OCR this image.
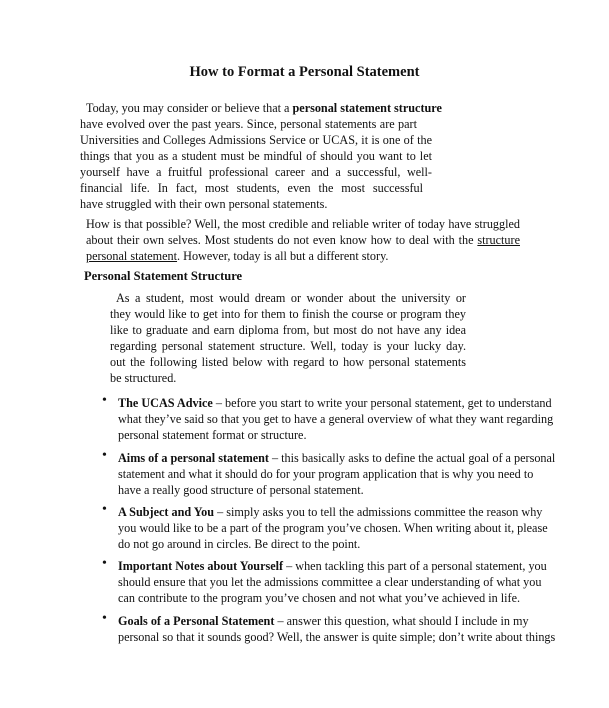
How to Format a Personal Statement
Today, you may consider or believe that a personal statement structure
have evolved over the past years. Since, personal statements are part
Universities and Colleges Admissions Service or UCAS, it is one of the
things that you as a student must be mindful of should you want to let
yourself have a fruitful professional career and a successful, well-
financial life. In fact, most students, even the most successful
have struggled with their own personal statements.
How is that possible? Well, the most credible and reliable writer of today have struggled
about their own selves. Most students do not even know how to deal with the structure
personal statement. However, today is all but a different story.
Personal Statement Structure
As a student, most would dream or wonder about the university or
they would like to get into for them to finish the course or program they
like to graduate and earn diploma from, but most do not have any idea
regarding personal statement structure. Well, today is your lucky day.
out the following listed below with regard to how personal statements
be structured.
• The UCAS Advice – before you start to write your personal statement, get to understand
what they’ve said so that you get to have a general overview of what they want regarding
personal statement format or structure.
• Aims of a personal statement – this basically asks to define the actual goal of a personal
statement and what it should do for your program application that is why you need to
have a really good structure of personal statement.
• A Subject and You – simply asks you to tell the admissions committee the reason why
you would like to be a part of the program you’ve chosen. When writing about it, please
do not go around in circles. Be direct to the point.
• Important Notes about Yourself – when tackling this part of a personal statement, you
should ensure that you let the admissions committee a clear understanding of what you
can contribute to the program you’ve chosen and not what you’ve achieved in life.
• Goals of a Personal Statement – answer this question, what should I include in my
personal so that it sounds good? Well, the answer is quite simple; don’t write about things
